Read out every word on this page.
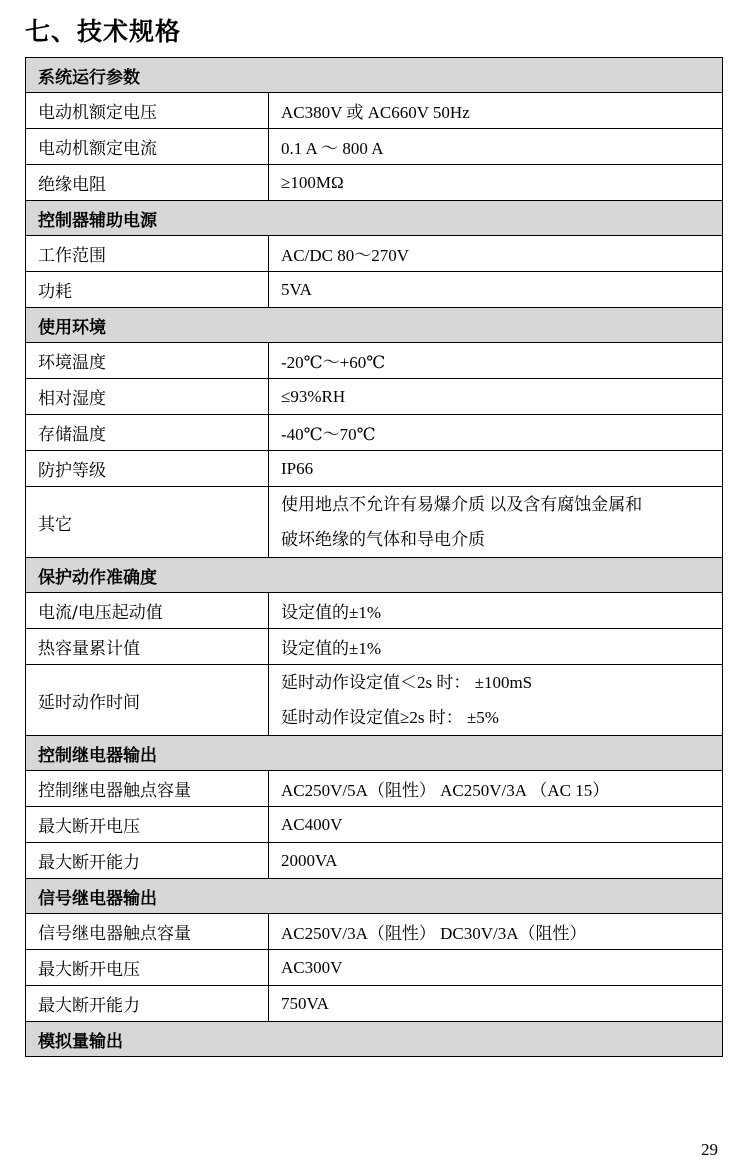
七、技术规格
系统运行参数	
电动机额定电压	AC380V 或 AC660V 50Hz
电动机额定电流	0.1 A ～ 800 A
绝缘电阻	≥100MΩ
控制器辅助电源	
工作范围	AC/DC 80～270V
功耗	5VA
使用环境	
环境温度	-20℃～+60℃
相对湿度	≤93%RH
存储温度	-40℃～70℃
防护等级	IP66
其它	使用地点不允许有易爆介质 以及含有腐蚀金属和
破坏绝缘的气体和导电介质

保护动作准确度	
电流/电压起动值	设定值的±1%
热容量累计值	设定值的±1%
延时动作时间	延时动作设定值＜2s 时： ±100mS
延时动作设定值≥2s 时： ±5%

控制继电器输出	
控制继电器触点容量	AC250V/5A（阻性） AC250V/3A （AC 15）
最大断开电压	AC400V
最大断开能力	2000VA
信号继电器输出	
信号继电器触点容量	AC250V/3A（阻性） DC30V/3A（阻性）
最大断开电压	AC300V
最大断开能力	750VA
模拟量输出	
29
